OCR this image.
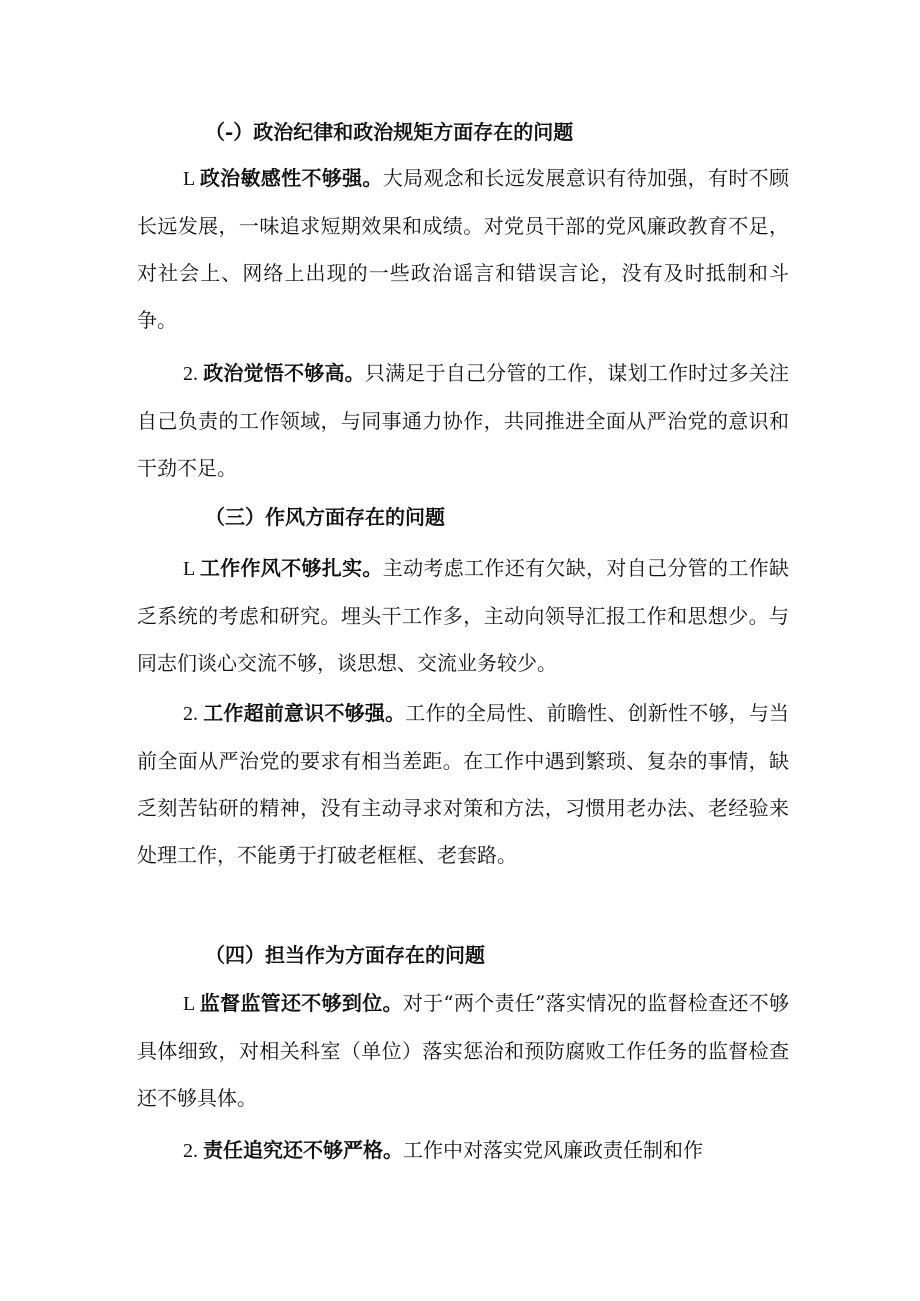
（-）政治纪律和政治规矩方面存在的问题

L 政治敏感性不够强。大局观念和长远发展意识有待加强，有时不顾长远发展，一味追求短期效果和成绩。对党员干部的党风廉政教育不足，对社会上、网络上出现的一些政治谣言和错误言论，没有及时抵制和斗争。

2. 政治觉悟不够高。只满足于自己分管的工作，谋划工作时过多关注自己负责的工作领域，与同事通力协作，共同推进全面从严治党的意识和干劲不足。

（三）作风方面存在的问题

L 工作作风不够扎实。主动考虑工作还有欠缺，对自己分管的工作缺乏系统的考虑和研究。埋头干工作多，主动向领导汇报工作和思想少。与同志们谈心交流不够，谈思想、交流业务较少。

2. 工作超前意识不够强。工作的全局性、前瞻性、创新性不够，与当前全面从严治党的要求有相当差距。在工作中遇到繁琐、复杂的事情，缺乏刻苦钻研的精神，没有主动寻求对策和方法，习惯用老办法、老经验来处理工作，不能勇于打破老框框、老套路。

（四）担当作为方面存在的问题

L 监督监管还不够到位。对于“两个责任”落实情况的监督检查还不够具体细致，对相关科室（单位）落实惩治和预防腐败工作任务的监督检查还不够具体。

2. 责任追究还不够严格。工作中对落实党风廉政责任制和作
